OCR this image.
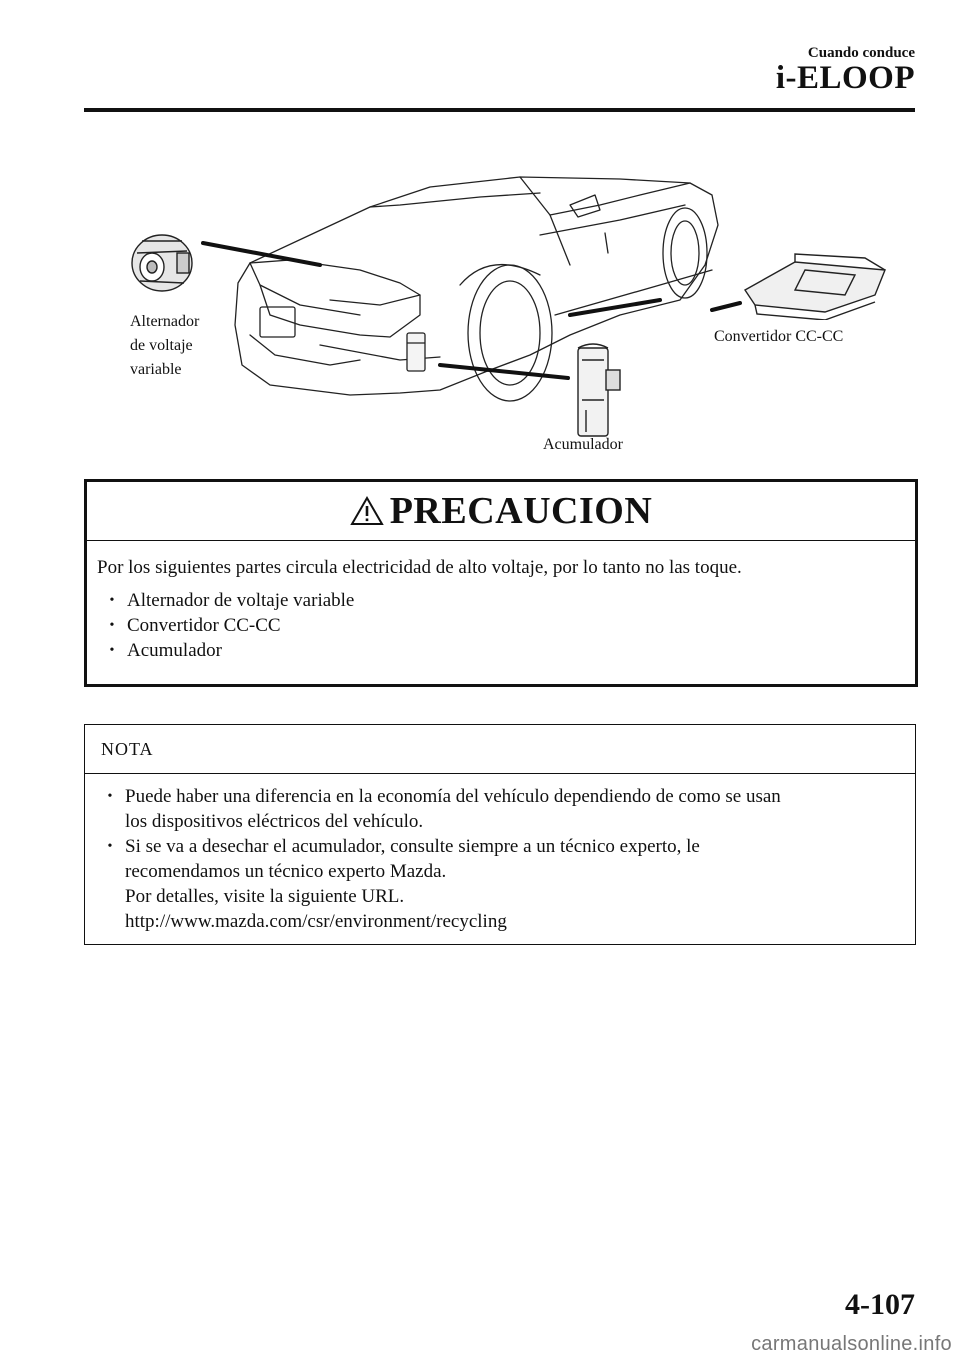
Cuando conduce
i-ELOOP
Alternador
de voltaje
variable
Convertidor CC-CC
Acumulador
PRECAUCION
Por los siguientes partes circula electricidad de alto voltaje, por lo tanto no las toque.
• Alternador de voltaje variable
• Convertidor CC-CC
• Acumulador
NOTA
• Puede haber una diferencia en la economía del vehículo dependiendo de como se usan
los dispositivos eléctricos del vehículo.
• Si se va a desechar el acumulador, consulte siempre a un técnico experto, le
recomendamos un técnico experto Mazda.
Por detalles, visite la siguiente URL.
http://www.mazda.com/csr/environment/recycling
4-107
carmanualsonline.info
